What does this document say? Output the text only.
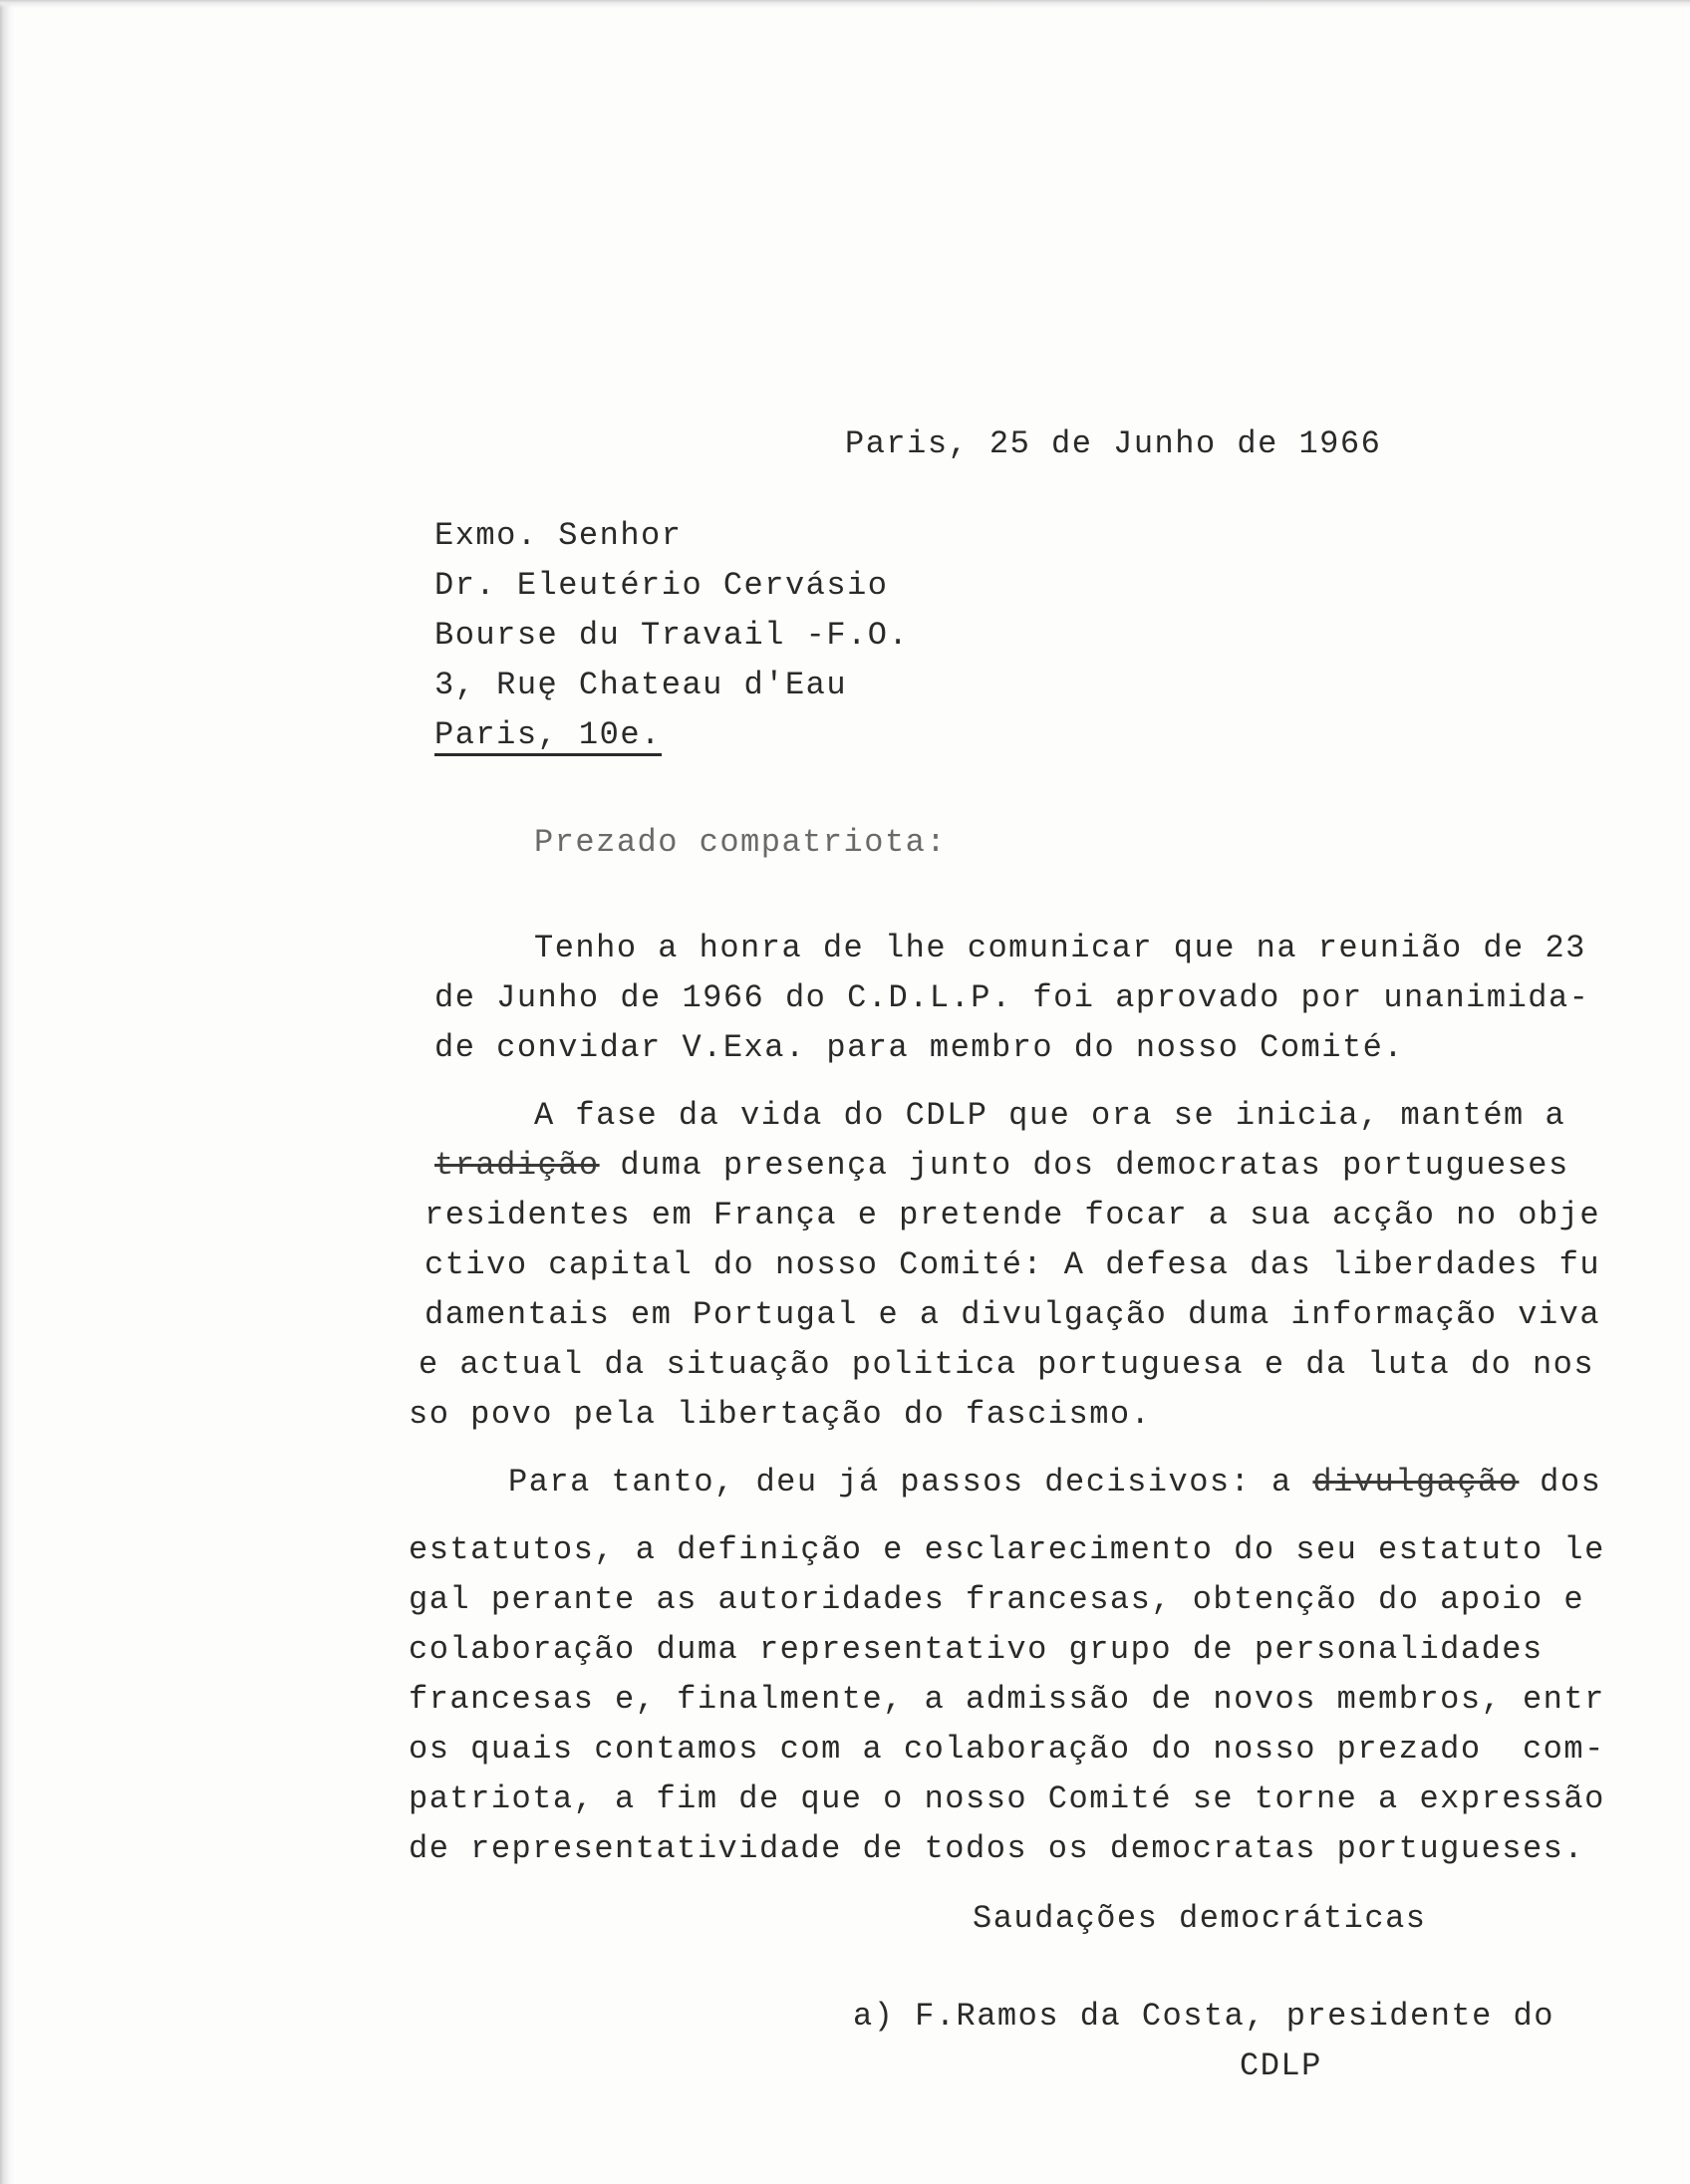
Paris, 25 de Junho de 1966
Exmo. Senhor
Dr. Eleutério Cervásio
Bourse du Travail -F.O.
3, Ruę Chateau d'Eau
Paris, 10e.
Prezado compatriota:
Tenho a honra de lhe comunicar que na reunião de 23
de Junho de 1966 do C.D.L.P. foi aprovado por unanimida-
de convidar V.Exa. para membro do nosso Comité.
A fase da vida do CDLP que ora se inicia, mantém a
tradição duma presença junto dos democratas portugueses
residentes em França e pretende focar a sua acção no obje
ctivo capital do nosso Comité: A defesa das liberdades fu
damentais em Portugal e a divulgação duma informação viva
e actual da situação politica portuguesa e da luta do nos
so povo pela libertação do fascismo.
Para tanto, deu já passos decisivos: a divulgação dos
estatutos, a definição e esclarecimento do seu estatuto le
gal perante as autoridades francesas, obtenção do apoio e
colaboração duma representativo grupo de personalidades
francesas e, finalmente, a admissão de novos membros, entr
os quais contamos com a colaboração do nosso prezado  com-
patriota, a fim de que o nosso Comité se torne a expressão
de representatividade de todos os democratas portugueses.
Saudações democráticas
a) F.Ramos da Costa, presidente do
CDLP
